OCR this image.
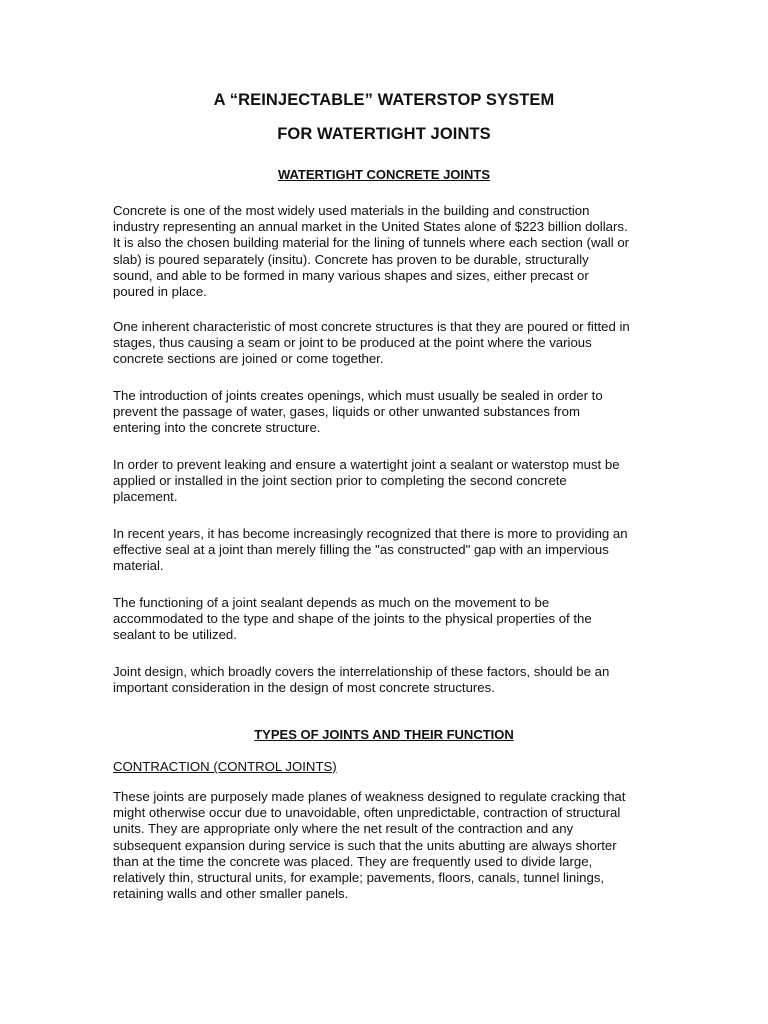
A “REINJECTABLE” WATERSTOP SYSTEM
FOR WATERTIGHT JOINTS
WATERTIGHT CONCRETE JOINTS
Concrete is one of the most widely used materials in the building and construction
industry representing an annual market in the United States alone of $223 billion dollars.
It is also the chosen building material for the lining of tunnels where each section (wall or
slab) is poured separately (insitu). Concrete has proven to be durable, structurally
sound, and able to be formed in many various shapes and sizes, either precast or
poured in place.
One inherent characteristic of most concrete structures is that they are poured or fitted in
stages, thus causing a seam or joint to be produced at the point where the various
concrete sections are joined or come together.
The introduction of joints creates openings, which must usually be sealed in order to
prevent the passage of water, gases, liquids or other unwanted substances from
entering into the concrete structure.
In order to prevent leaking and ensure a watertight joint a sealant or waterstop must be
applied or installed in the joint section prior to completing the second concrete
placement.
In recent years, it has become increasingly recognized that there is more to providing an
effective seal at a joint than merely filling the "as constructed" gap with an impervious
material.
The functioning of a joint sealant depends as much on the movement to be
accommodated to the type and shape of the joints to the physical properties of the
sealant to be utilized.
Joint design, which broadly covers the interrelationship of these factors, should be an
important consideration in the design of most concrete structures.
TYPES OF JOINTS AND THEIR FUNCTION
CONTRACTION (CONTROL JOINTS)
These joints are purposely made planes of weakness designed to regulate cracking that
might otherwise occur due to unavoidable, often unpredictable, contraction of structural
units. They are appropriate only where the net result of the contraction and any
subsequent expansion during service is such that the units abutting are always shorter
than at the time the concrete was placed. They are frequently used to divide large,
relatively thin, structural units, for example; pavements, floors, canals, tunnel linings,
retaining walls and other smaller panels.
